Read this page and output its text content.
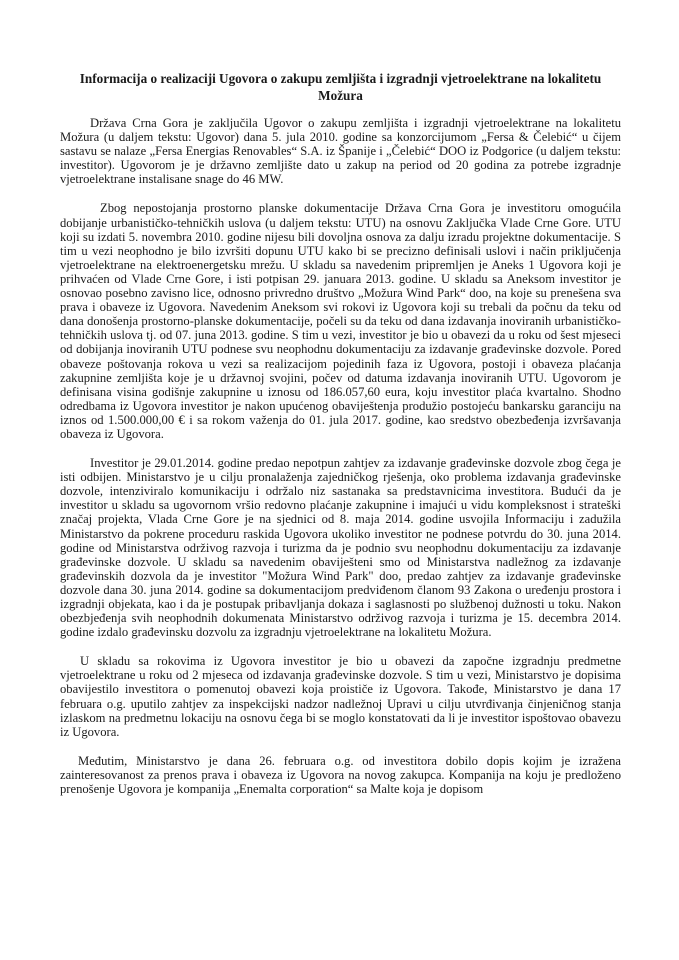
Informacija o realizaciji Ugovora o zakupu zemljišta i izgradnji vjetroelektrane na lokalitetu Možura

Država Crna Gora je zaključila Ugovor o zakupu zemljišta i izgradnji vjetroelektrane na lokalitetu Možura (u daljem tekstu: Ugovor) dana 5. jula 2010. godine sa konzorcijumom „Fersa & Čelebić“ u čijem sastavu se nalaze „Fersa Energias Renovables“ S.A. iz Španije i „Čelebić“ DOO iz Podgorice (u daljem tekstu: investitor). Ugovorom je je državno zemljište dato u zakup na period od 20 godina za potrebe izgradnje vjetroelektrane instalisane snage do 46 MW.

Zbog nepostojanja prostorno planske dokumentacije Država Crna Gora je investitoru omogućila dobijanje urbanističko-tehničkih uslova (u daljem tekstu: UTU) na osnovu Zaključka Vlade Crne Gore. UTU koji su izdati 5. novembra 2010. godine nijesu bili dovoljna osnova za dalju izradu projektne dokumentacije. S tim u vezi neophodno je bilo izvršiti dopunu UTU kako bi se precizno definisali uslovi i način priključenja vjetroelektrane na elektroenergetsku mrežu. U skladu sa navedenim pripremljen je Aneks 1 Ugovora koji je prihvaćen od Vlade Crne Gore, i isti potpisan 29. januara 2013. godine. U skladu sa Aneksom investitor je osnovao posebno zavisno lice, odnosno privredno društvo „Možura Wind Park“ doo, na koje su prenešena sva prava i obaveze iz Ugovora. Navedenim Aneksom svi rokovi iz Ugovora koji su trebali da počnu da teku od dana donošenja prostorno-planske dokumentacije, počeli su da teku od dana izdavanja inoviranih urbanističko-tehničkih uslova tj. od 07. juna 2013. godine. S tim u vezi, investitor je bio u obavezi da u roku od šest mjeseci od dobijanja inoviranih UTU podnese svu neophodnu dokumentaciju za izdavanje građevinske dozvole. Pored obaveze poštovanja rokova u vezi sa realizacijom pojedinih faza iz Ugovora, postoji i obaveza plaćanja zakupnine zemljišta koje je u državnoj svojini, počev od datuma izdavanja inoviranih UTU. Ugovorom je definisana visina godišnje zakupnine u iznosu od 186.057,60 eura, koju investitor plaća kvartalno. Shodno odredbama iz Ugovora investitor je nakon upućenog obaviještenja produžio postojeću bankarsku garanciju na iznos od 1.500.000,00 € i sa rokom važenja do 01. jula 2017. godine, kao sredstvo obezbeđenja izvršavanja obaveza iz Ugovora.

Investitor je 29.01.2014. godine predao nepotpun zahtjev za izdavanje građevinske dozvole zbog čega je isti odbijen. Ministarstvo je u cilju pronalaženja zajedničkog rješenja, oko problema izdavanja građevinske dozvole, intenziviralo komunikaciju i održalo niz sastanaka sa predstavnicima investitora. Budući da je investitor u skladu sa ugovornom vršio redovno plaćanje zakupnine i imajući u vidu kompleksnost i strateški značaj projekta, Vlada Crne Gore je na sjednici od 8. maja 2014. godine usvojila Informaciju i zadužila Ministarstvo da pokrene proceduru raskida Ugovora ukoliko investitor ne podnese potvrdu do 30. juna 2014. godine od Ministarstva održivog razvoja i turizma da je podnio svu neophodnu dokumentaciju za izdavanje građevinske dozvole. U skladu sa navedenim obaviješteni smo od Ministarstva nadležnog za izdavanje građevinskih dozvola da je investitor "Možura Wind Park" doo, predao zahtjev za izdavanje građevinske dozvole dana 30. juna 2014. godine sa dokumentacijom predviđenom članom 93 Zakona o uređenju prostora i izgradnji objekata, kao i da je postupak pribavljanja dokaza i saglasnosti po službenoj dužnosti u toku. Nakon obezbjeđenja svih neophodnih dokumenata Ministarstvo održivog razvoja i turizma je 15. decembra 2014. godine izdalo građevinsku dozvolu za izgradnju vjetroelektrane na lokalitetu Možura.

U skladu sa rokovima iz Ugovora investitor je bio u obavezi da započne izgradnju predmetne vjetroelektrane u roku od 2 mjeseca od izdavanja građevinske dozvole. S tim u vezi, Ministarstvo je dopisima obavijestilo investitora o pomenutoj obavezi koja proističe iz Ugovora. Takođe, Ministarstvo je dana 17 februara o.g. uputilo zahtjev za inspekcijski nadzor nadležnoj Upravi u cilju utvrđivanja činjeničnog stanja izlaskom na predmetnu lokaciju na osnovu čega bi se moglo konstatovati da li je investitor ispoštovao obavezu iz Ugovora.

Međutim, Ministarstvo je dana 26. februara o.g. od investitora dobilo dopis kojim je izražena zainteresovanost za prenos prava i obaveza iz Ugovora na novog zakupca. Kompanija na koju je predloženo prenošenje Ugovora je kompanija „Enemalta corporation“ sa Malte koja je dopisom
